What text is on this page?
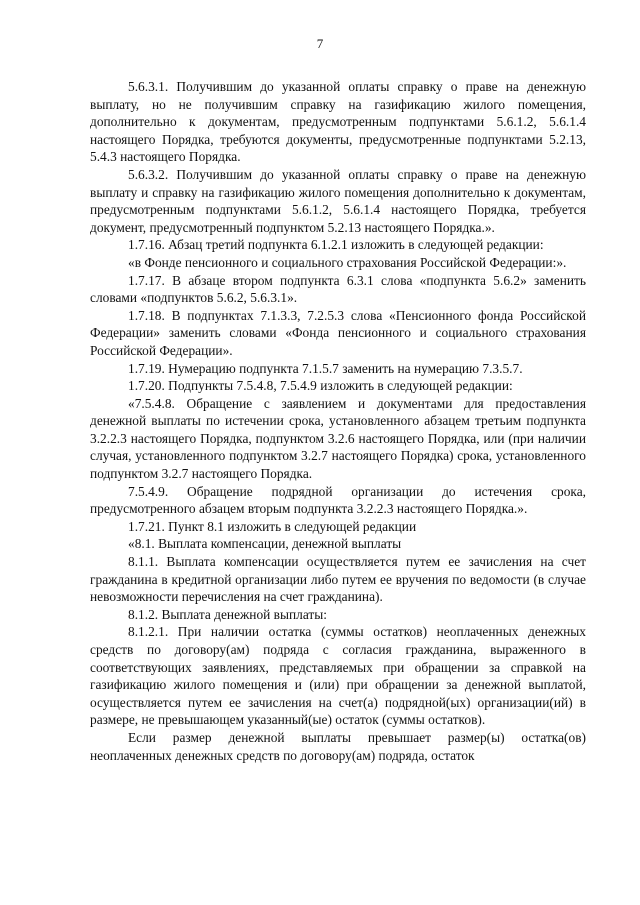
7

5.6.3.1. Получившим до указанной оплаты справку о праве на денежную выплату, но не получившим справку на газификацию жилого помещения, дополнительно к документам, предусмотренным подпунктами 5.6.1.2, 5.6.1.4 настоящего Порядка, требуются документы, предусмотренные подпунктами 5.2.13, 5.4.3 настоящего Порядка.

5.6.3.2. Получившим до указанной оплаты справку о праве на денежную выплату и справку на газификацию жилого помещения дополнительно к документам, предусмотренным подпунктами 5.6.1.2, 5.6.1.4 настоящего Порядка, требуется документ, предусмотренный подпунктом 5.2.13 настоящего Порядка.».

1.7.16. Абзац третий подпункта 6.1.2.1 изложить в следующей редакции:

«в Фонде пенсионного и социального страхования Российской Федерации:».

1.7.17. В абзаце втором подпункта 6.3.1 слова «подпункта 5.6.2» заменить словами «подпунктов 5.6.2, 5.6.3.1».

1.7.18. В подпунктах 7.1.3.3, 7.2.5.3 слова «Пенсионного фонда Российской Федерации» заменить словами «Фонда пенсионного и социального страхования Российской Федерации».

1.7.19. Нумерацию подпункта 7.1.5.7 заменить на нумерацию 7.3.5.7.

1.7.20. Подпункты 7.5.4.8, 7.5.4.9 изложить в следующей редакции:

«7.5.4.8. Обращение с заявлением и документами для предоставления денежной выплаты по истечении срока, установленного абзацем третьим подпункта 3.2.2.3 настоящего Порядка, подпунктом 3.2.6 настоящего Порядка, или (при наличии случая, установленного подпунктом 3.2.7 настоящего Порядка) срока, установленного подпунктом 3.2.7 настоящего Порядка.

7.5.4.9. Обращение подрядной организации до истечения срока, предусмотренного абзацем вторым подпункта 3.2.2.3 настоящего Порядка.».

1.7.21. Пункт 8.1 изложить в следующей редакции

«8.1. Выплата компенсации, денежной выплаты

8.1.1. Выплата компенсации осуществляется путем ее зачисления на счет гражданина в кредитной организации либо путем ее вручения по ведомости (в случае невозможности перечисления на счет гражданина).

8.1.2. Выплата денежной выплаты:

8.1.2.1. При наличии остатка (суммы остатков) неоплаченных денежных средств по договору(ам) подряда с согласия гражданина, выраженного в соответствующих заявлениях, представляемых при обращении за справкой на газификацию жилого помещения и (или) при обращении за денежной выплатой, осуществляется путем ее зачисления на счет(а) подрядной(ых) организации(ий) в размере, не превышающем указанный(ые) остаток (суммы остатков).

Если размер денежной выплаты превышает размер(ы) остатка(ов) неоплаченных денежных средств по договору(ам) подряда, остаток
